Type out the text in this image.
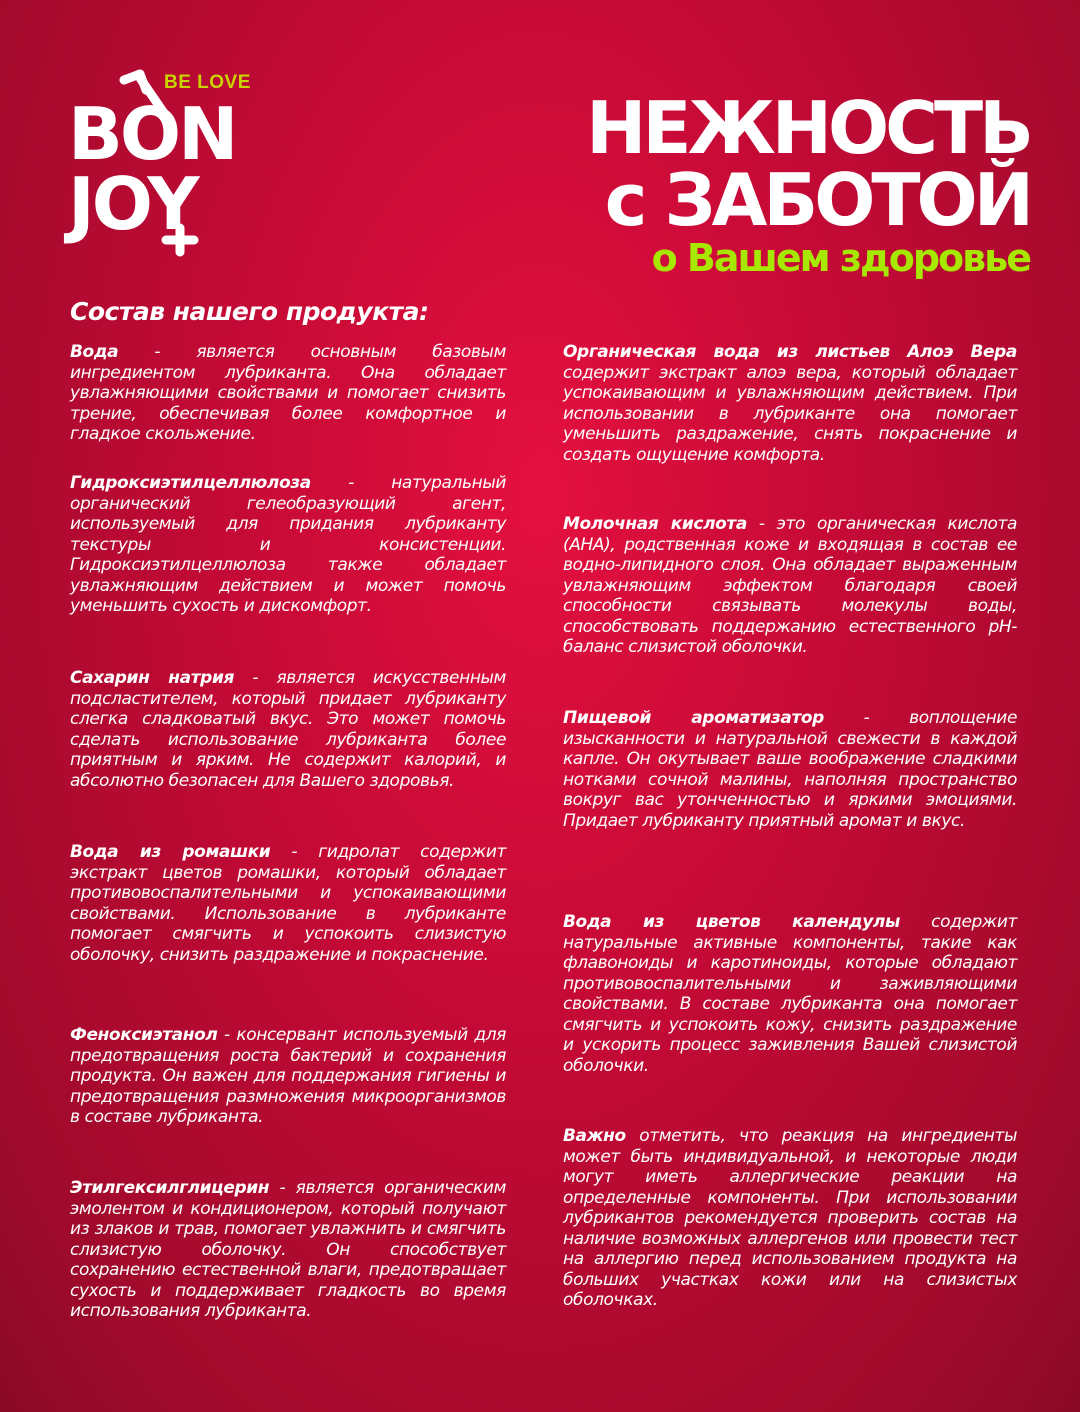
BE LOVE
BON
JOY
НЕЖНОСТЬ
с ЗАБОТОЙ
о Вашем здоровье
Состав нашего продукта:

Вода - является основным базовым ингредиентом лубриканта. Она обладает увлажняющими свойствами и помогает снизить трение, обеспечивая более комфортное и гладкое скольжение.

Гидроксиэтилцеллюлоза - натуральный органический гелеобразующий агент, используемый для придания лубриканту текстуры и консистенции. Гидроксиэтилцеллюлоза также обладает увлажняющим действием и может помочь уменьшить сухость и дискомфорт.

Сахарин натрия - является искусственным подсластителем, который придает лубриканту слегка сладковатый вкус. Это может помочь сделать использование лубриканта более приятным и ярким. Не содержит калорий, и абсолютно безопасен для Вашего здоровья.

Вода из ромашки - гидролат содержит экстракт цветов ромашки, который обладает противовоспалительными и успокаивающими свойствами. Использование в лубриканте помогает смягчить и успокоить слизистую оболочку, снизить раздражение и покраснение.

Феноксиэтанол - консервант используемый для предотвращения роста бактерий и сохранения продукта. Он важен для поддержания гигиены и предотвращения размножения микроорганизмов в составе лубриканта.

Этилгексилглицерин - является органическим эмолентом и кондиционером, который получают из злаков и трав, помогает увлажнить и смягчить слизистую оболочку. Он способствует сохранению естественной влаги, предотвращает сухость и поддерживает гладкость во время использования лубриканта.

Органическая вода из листьев Алоэ Вера содержит экстракт алоэ вера, который обладает успокаивающим и увлажняющим действием. При использовании в лубриканте она помогает уменьшить раздражение, снять покраснение и создать ощущение комфорта.

Молочная кислота - это органическая кислота (АНА), родственная коже и входящая в состав ее водно-липидного слоя. Она обладает выраженным увлажняющим эффектом благодаря своей способности связывать молекулы воды, способствовать поддержанию естественного pH-баланс слизистой оболочки.

Пищевой ароматизатор - воплощение изысканности и натуральной свежести в каждой капле. Он окутывает ваше воображение сладкими нотками сочной малины, наполняя пространство вокруг вас утонченностью и яркими эмоциями. Придает лубриканту приятный аромат и вкус.

Вода из цветов календулы содержит натуральные активные компоненты, такие как флавоноиды и каротиноиды, которые обладают противовоспалительными и заживляющими свойствами. В составе лубриканта она помогает смягчить и успокоить кожу, снизить раздражение и ускорить процесс заживления Вашей слизистой оболочки.

Важно отметить, что реакция на ингредиенты может быть индивидуальной, и некоторые люди могут иметь аллергические реакции на определенные компоненты. При использовании лубрикантов рекомендуется проверить состав на наличие возможных аллергенов или провести тест на аллергию перед использованием продукта на больших участках кожи или на слизистых оболочках.
